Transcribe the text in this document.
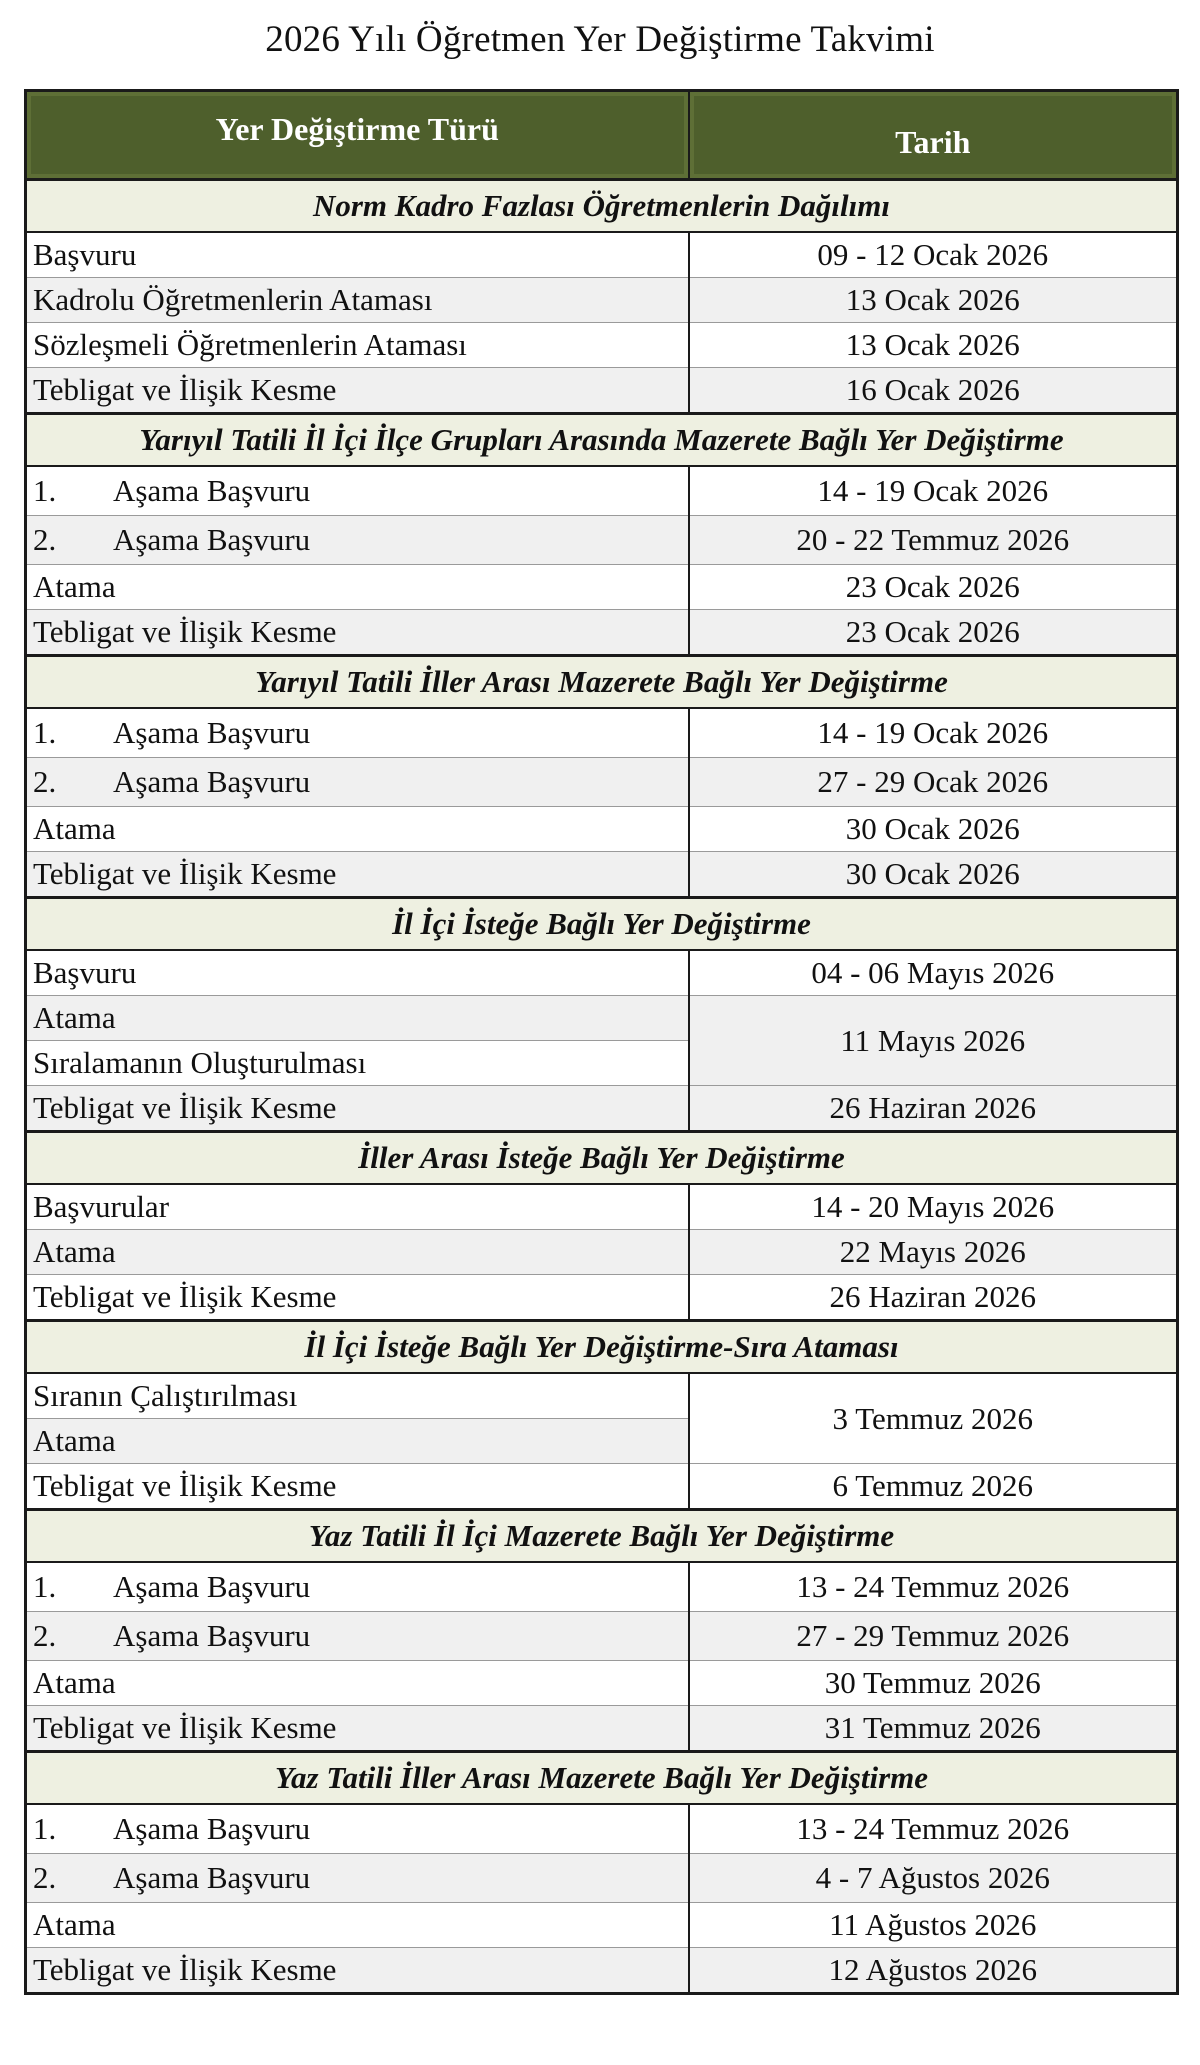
2026 Yılı Öğretmen Yer Değiştirme Takvimi
Yer Değiştirme Türü	Tarih
Norm Kadro Fazlası Öğretmenlerin Dağılımı	
Başvuru	09 - 12 Ocak 2026
Kadrolu Öğretmenlerin Ataması	13 Ocak 2026
Sözleşmeli Öğretmenlerin Ataması	13 Ocak 2026
Tebligat ve İlişik Kesme	16 Ocak 2026
Yarıyıl Tatili İl İçi İlçe Grupları Arasında Mazerete Bağlı Yer Değiştirme	
1. Aşama Başvuru	14 - 19 Ocak 2026
2. Aşama Başvuru	20 - 22 Temmuz 2026
Atama	23 Ocak 2026
Tebligat ve İlişik Kesme	23 Ocak 2026
Yarıyıl Tatili İller Arası Mazerete Bağlı Yer Değiştirme	
1. Aşama Başvuru	14 - 19 Ocak 2026
2. Aşama Başvuru	27 - 29 Ocak 2026
Atama	30 Ocak 2026
Tebligat ve İlişik Kesme	30 Ocak 2026
İl İçi İsteğe Bağlı Yer Değiştirme	
Başvuru	04 - 06 Mayıs 2026
Atama	11 Mayıs 2026
Sıralamanın Oluşturulması	
Tebligat ve İlişik Kesme	26 Haziran 2026
İller Arası İsteğe Bağlı Yer Değiştirme	
Başvurular	14 - 20 Mayıs 2026
Atama	22 Mayıs 2026
Tebligat ve İlişik Kesme	26 Haziran 2026
İl İçi İsteğe Bağlı Yer Değiştirme-Sıra Ataması	
Sıranın Çalıştırılması	3 Temmuz 2026
Atama	
Tebligat ve İlişik Kesme	6 Temmuz 2026
Yaz Tatili İl İçi Mazerete Bağlı Yer Değiştirme	
1. Aşama Başvuru	13 - 24 Temmuz 2026
2. Aşama Başvuru	27 - 29 Temmuz 2026
Atama	30 Temmuz 2026
Tebligat ve İlişik Kesme	31 Temmuz 2026
Yaz Tatili İller Arası Mazerete Bağlı Yer Değiştirme	
1. Aşama Başvuru	13 - 24 Temmuz 2026
2. Aşama Başvuru	4 - 7 Ağustos 2026
Atama	11 Ağustos 2026
Tebligat ve İlişik Kesme	12 Ağustos 2026
